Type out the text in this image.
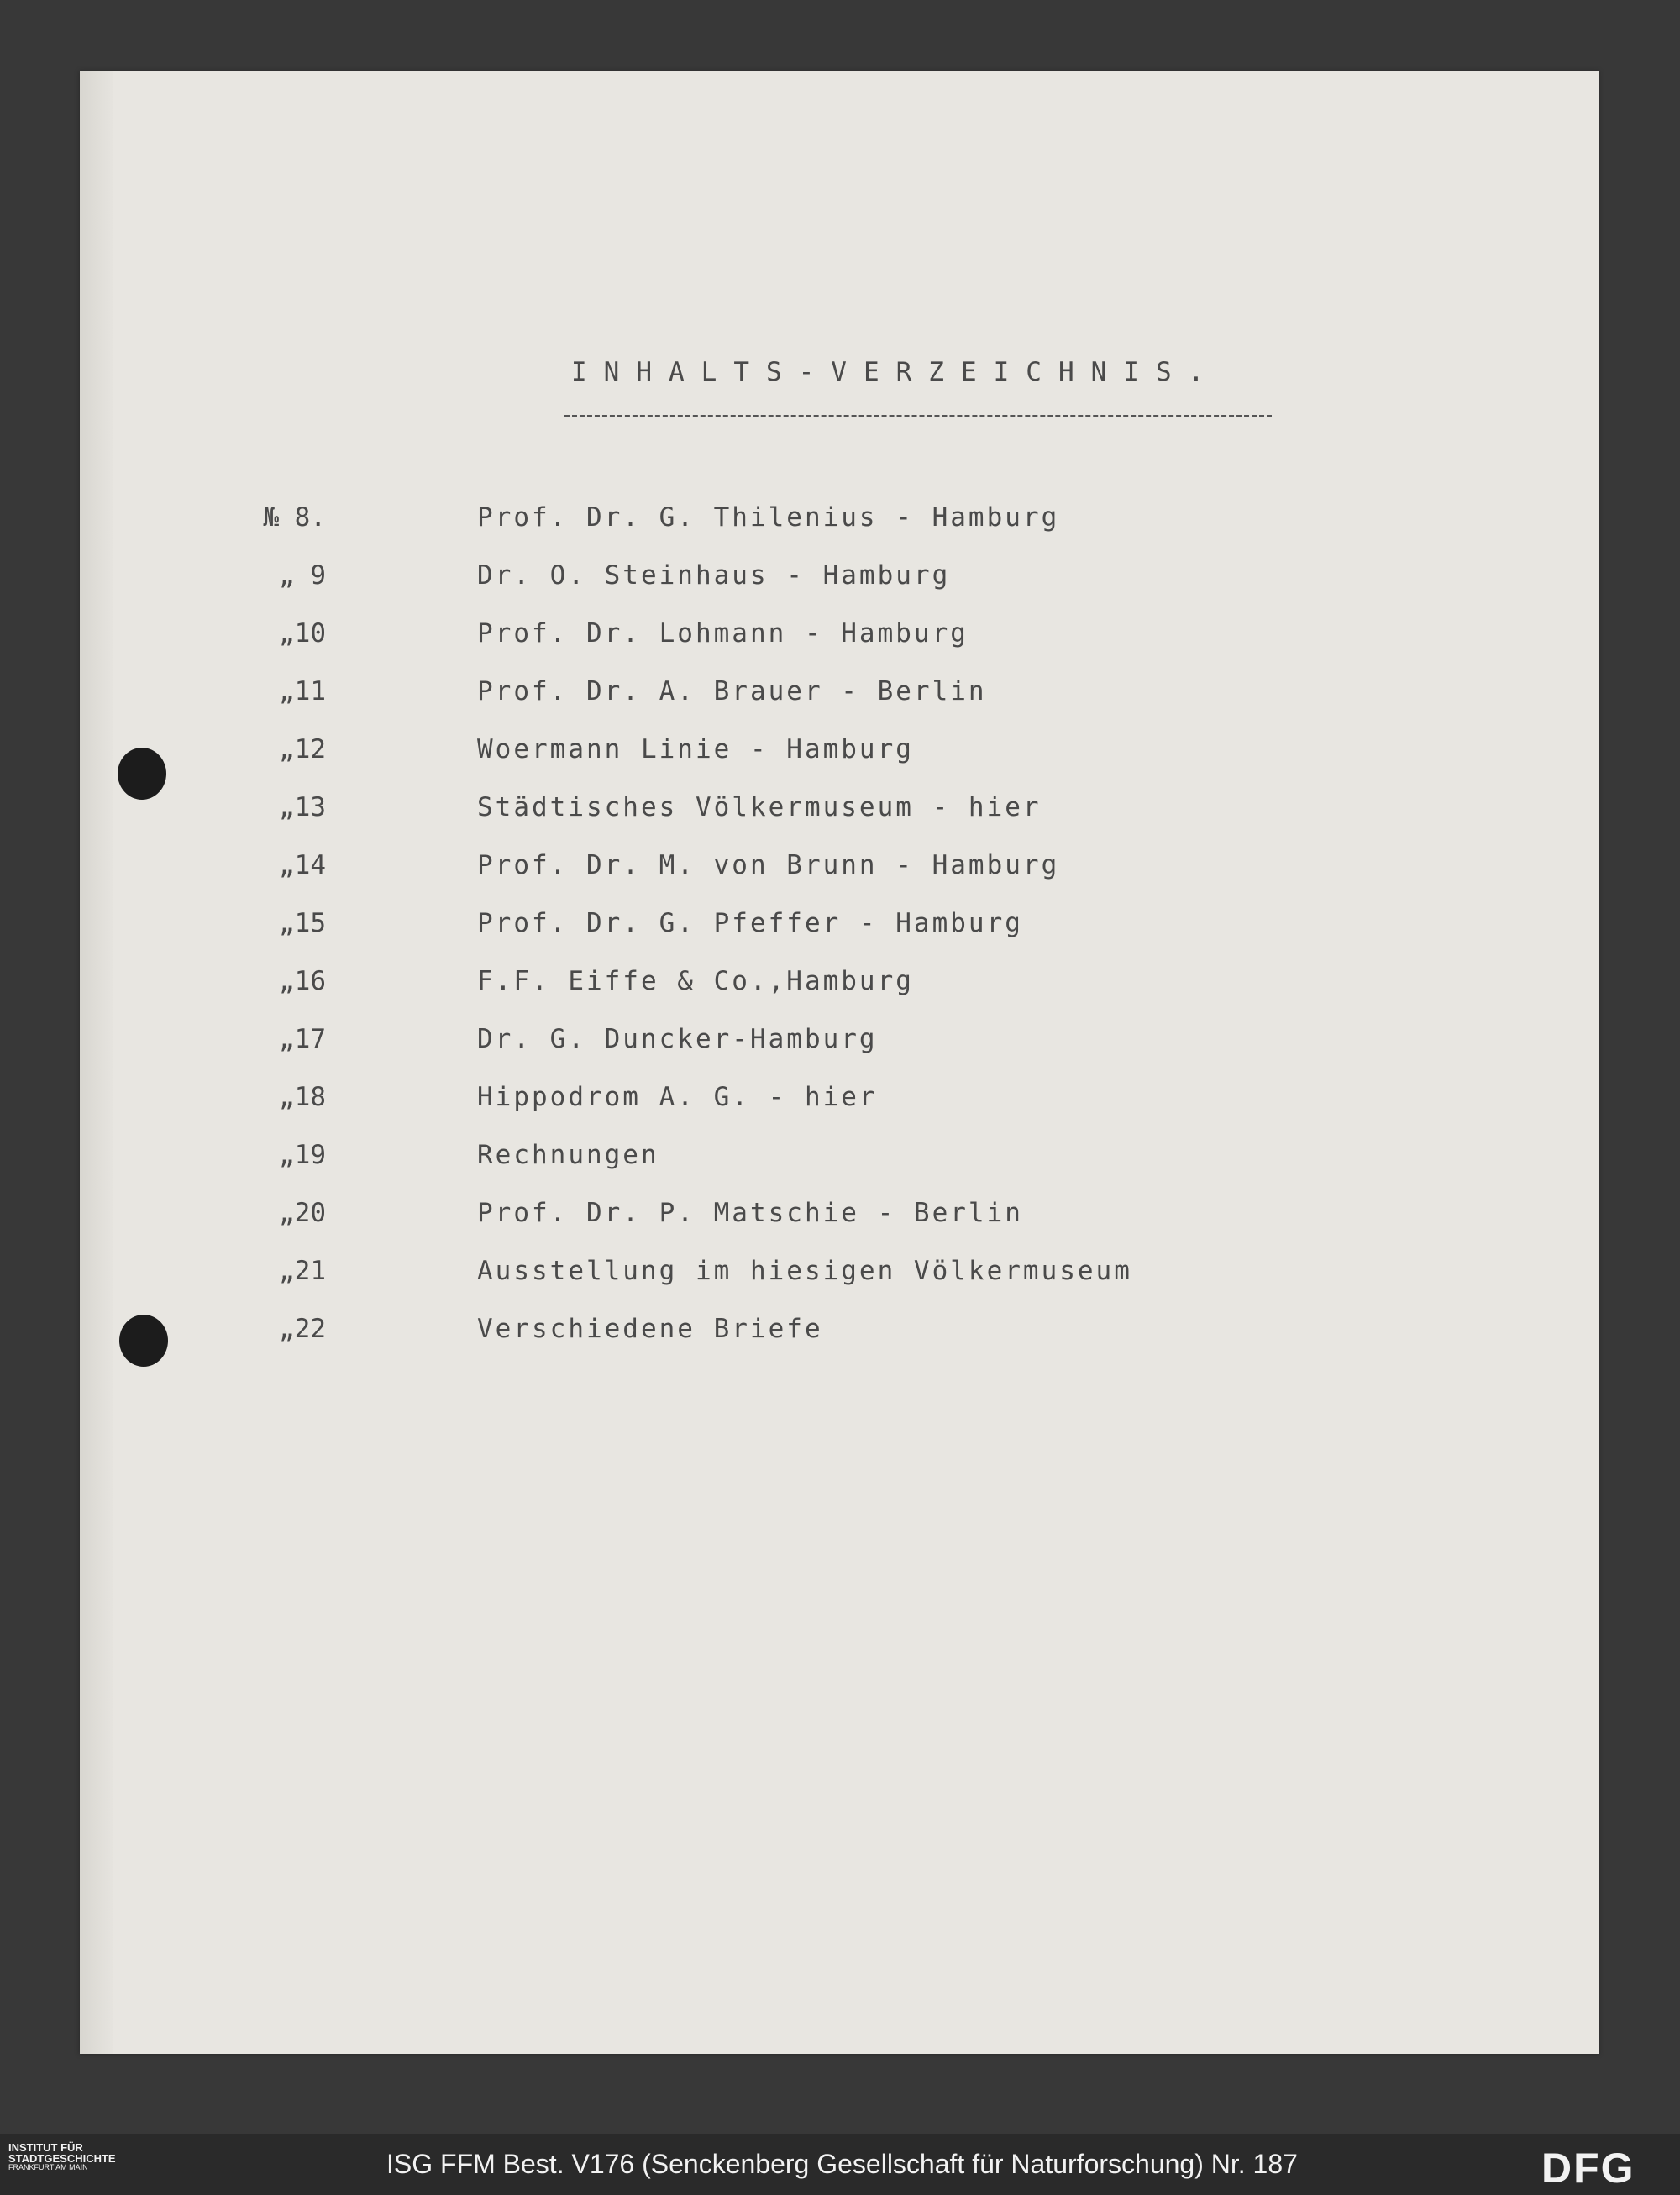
INHALTS-VERZEICHNIS.
№ 8.	Prof. Dr. G. Thilenius - Hamburg
„ 9	Dr. O. Steinhaus - Hamburg
„10	Prof. Dr. Lohmann - Hamburg
„11	Prof. Dr. A. Brauer - Berlin
„12	Woermann Linie - Hamburg
„13	Städtisches Völkermuseum - hier
„14	Prof. Dr. M. von Brunn - Hamburg
„15	Prof. Dr. G. Pfeffer - Hamburg
„16	F.F. Eiffe & Co.,Hamburg
„17	Dr. G. Duncker-Hamburg
„18	Hippodrom A. G. - hier
„19	Rechnungen
„20	Prof. Dr. P. Matschie - Berlin
„21	Ausstellung im hiesigen Völkermuseum
„22	Verschiedene Briefe
INSTITUT FÜR
STADTGESCHICHTE
FRANKFURT AM MAIN	ISG FFM Best. V176 (Senckenberg Gesellschaft für Naturforschung) Nr. 187	DFG
